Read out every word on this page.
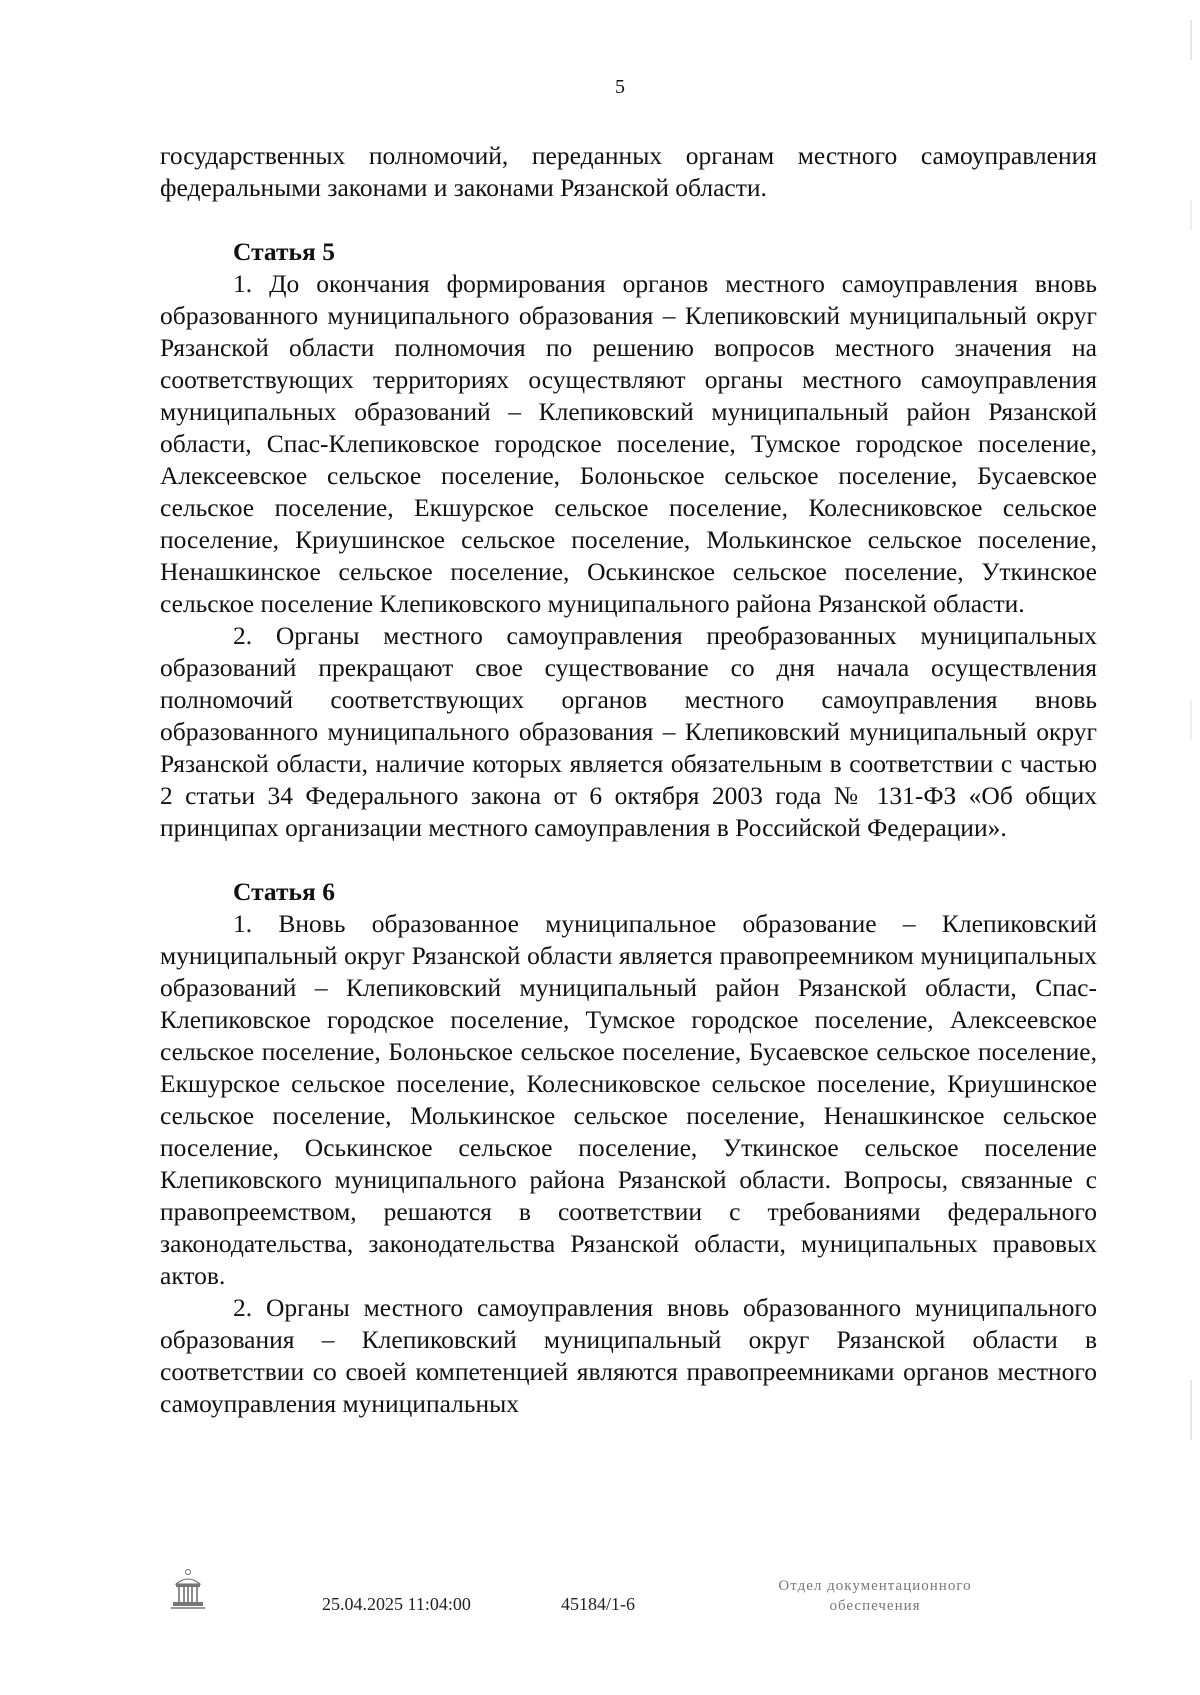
5

государственных полномочий, переданных органам местного самоуправления федеральными законами и законами Рязанской области.

Статья 5

1. До окончания формирования органов местного самоуправления вновь образованного муниципального образования – Клепиковский муниципальный округ Рязанской области полномочия по решению вопросов местного значения на соответствующих территориях осуществляют органы местного самоуправления муниципальных образований – Клепиковский муниципальный район Рязанской области, Спас-Клепиковское городское поселение, Тумское городское поселение, Алексеевское сельское поселение, Болоньское сельское поселение, Бусаевское сельское поселение, Екшурское сельское поселение, Колесниковское сельское поселение, Криушинское сельское поселение, Молькинское сельское поселение, Ненашкинское сельское поселение, Оськинское сельское поселение, Уткинское сельское поселение Клепиковского муниципального района Рязанской области.

2. Органы местного самоуправления преобразованных муниципальных образований прекращают свое существование со дня начала осуществления полномочий соответствующих органов местного самоуправления вновь образованного муниципального образования – Клепиковский муниципальный округ Рязанской области, наличие которых является обязательным в соответствии с частью 2 статьи 34 Федерального закона от 6 октября 2003 года № 131-ФЗ «Об общих принципах организации местного самоуправления в Российской Федерации».

Статья 6

1. Вновь образованное муниципальное образование – Клепиковский муниципальный округ Рязанской области является правопреемником муниципальных образований – Клепиковский муниципальный район Рязанской области, Спас-Клепиковское городское поселение, Тумское городское поселение, Алексеевское сельское поселение, Болоньское сельское поселение, Бусаевское сельское поселение, Екшурское сельское поселение, Колесниковское сельское поселение, Криушинское сельское поселение, Молькинское сельское поселение, Ненашкинское сельское поселение, Оськинское сельское поселение, Уткинское сельское поселение Клепиковского муниципального района Рязанской области. Вопросы, связанные с правопреемством, решаются в соответствии с требованиями федерального законодательства, законодательства Рязанской области, муниципальных правовых актов.

2. Органы местного самоуправления вновь образованного муниципального образования – Клепиковский муниципальный округ Рязанской области в соответствии со своей компетенцией являются правопреемниками органов местного самоуправления муниципальных

25.04.2025 11:04:00	45184/1-6
Отдел документационного
обеспечения
